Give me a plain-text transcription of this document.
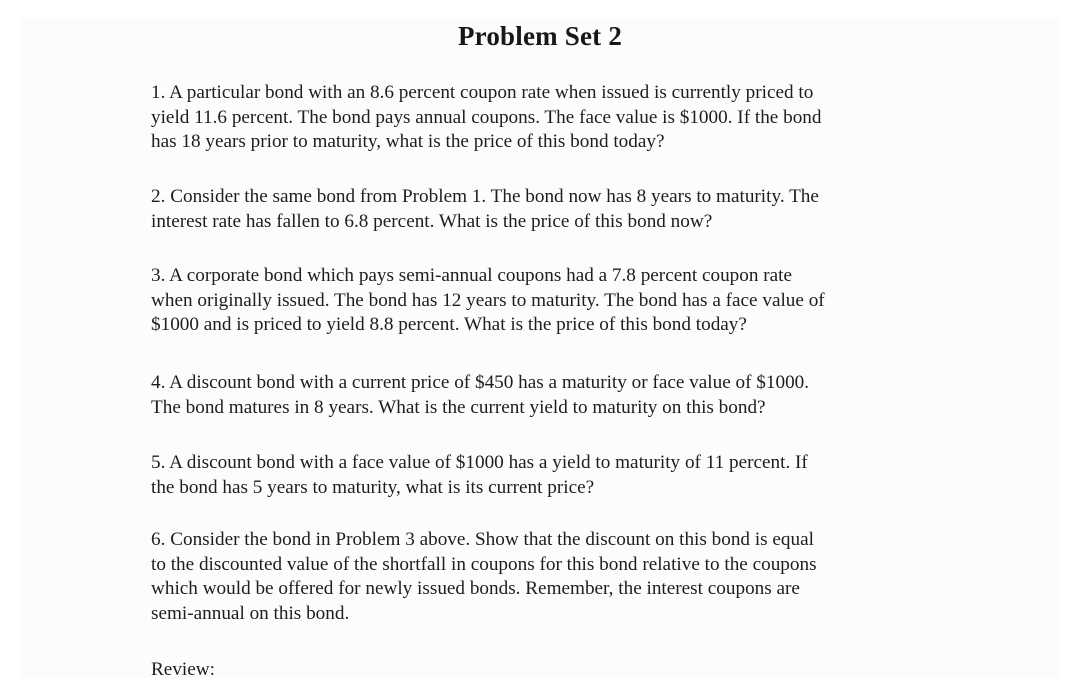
Problem Set 2
1. A particular bond with an 8.6 percent coupon rate when issued is currently priced to
yield 11.6 percent. The bond pays annual coupons. The face value is $1000. If the bond
has 18 years prior to maturity, what is the price of this bond today?
2. Consider the same bond from Problem 1. The bond now has 8 years to maturity. The
interest rate has fallen to 6.8 percent. What is the price of this bond now?
3. A corporate bond which pays semi-annual coupons had a 7.8 percent coupon rate
when originally issued. The bond has 12 years to maturity. The bond has a face value of
$1000 and is priced to yield 8.8 percent. What is the price of this bond today?
4. A discount bond with a current price of $450 has a maturity or face value of $1000.
The bond matures in 8 years. What is the current yield to maturity on this bond?
5. A discount bond with a face value of $1000 has a yield to maturity of 11 percent. If
the bond has 5 years to maturity, what is its current price?
6. Consider the bond in Problem 3 above. Show that the discount on this bond is equal
to the discounted value of the shortfall in coupons for this bond relative to the coupons
which would be offered for newly issued bonds. Remember, the interest coupons are
semi-annual on this bond.
Review:
